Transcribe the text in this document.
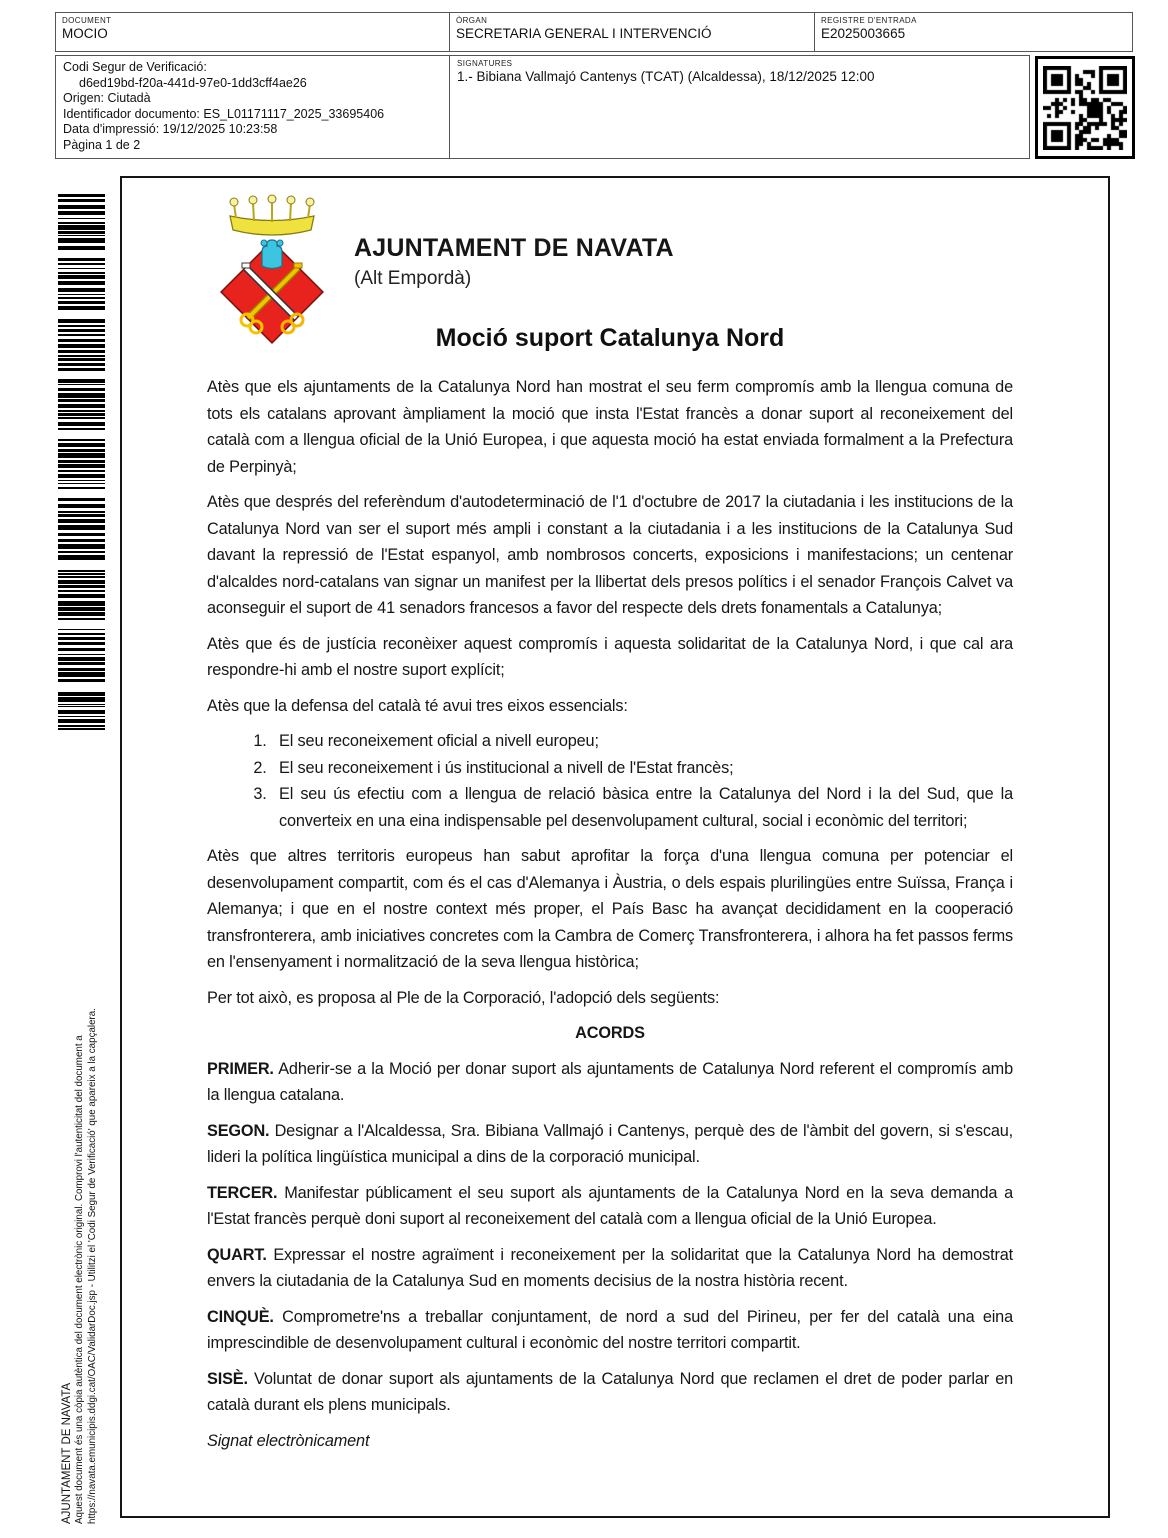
DOCUMENT
MOCIO
ÒRGAN
SECRETARIA GENERAL I INTERVENCIÓ
REGISTRE D'ENTRADA
E2025003665
Codi Segur de Verificació:
d6ed19bd-f20a-441d-97e0-1dd3cff4ae26
Origen: Ciutadà
Identificador documento: ES_L01171117_2025_33695406
Data d'impressió: 19/12/2025 10:23:58
Pàgina 1 de 2
SIGNATURES
1.- Bibiana Vallmajó Cantenys (TCAT) (Alcaldessa), 18/12/2025 12:00
AJUNTAMENT DE NAVATA Aquest document és una còpia autèntica del document electrònic original. Comprovi l'autenticitat del document a https://navata.emunicipis.ddgi.cat/OAC/ValidarDoc.jsp - Utilitzi el 'Codi Segur de Verificació' que apareix a la capçalera.
AJUNTAMENT DE NAVATA
(Alt Empordà)
Moció suport Catalunya Nord

Atès que els ajuntaments de la Catalunya Nord han mostrat el seu ferm compromís amb la llengua comuna de tots els catalans aprovant àmpliament la moció que insta l'Estat francès a donar suport al reconeixement del català com a llengua oficial de la Unió Europea, i que aquesta moció ha estat enviada formalment a la Prefectura de Perpinyà;

Atès que després del referèndum d'autodeterminació de l'1 d'octubre de 2017 la ciutadania i les institucions de la Catalunya Nord van ser el suport més ampli i constant a la ciutadania i a les institucions de la Catalunya Sud davant la repressió de l'Estat espanyol, amb nombrosos concerts, exposicions i manifestacions; un centenar d'alcaldes nord-catalans van signar un manifest per la llibertat dels presos polítics i el senador François Calvet va aconseguir el suport de 41 senadors francesos a favor del respecte dels drets fonamentals a Catalunya;

Atès que és de justícia reconèixer aquest compromís i aquesta solidaritat de la Catalunya Nord, i que cal ara respondre-hi amb el nostre suport explícit;

Atès que la defensa del català té avui tres eixos essencials:

1. El seu reconeixement oficial a nivell europeu;
2. El seu reconeixement i ús institucional a nivell de l'Estat francès;
3. El seu ús efectiu com a llengua de relació bàsica entre la Catalunya del Nord i la del Sud, que la converteix en una eina indispensable pel desenvolupament cultural, social i econòmic del territori;

Atès que altres territoris europeus han sabut aprofitar la força d'una llengua comuna per potenciar el desenvolupament compartit, com és el cas d'Alemanya i Àustria, o dels espais plurilingües entre Suïssa, França i Alemanya; i que en el nostre context més proper, el País Basc ha avançat decididament en la cooperació transfronterera, amb iniciatives concretes com la Cambra de Comerç Transfronterera, i alhora ha fet passos ferms en l'ensenyament i normalització de la seva llengua històrica;

Per tot això, es proposa al Ple de la Corporació, l'adopció dels següents:

ACORDS

PRIMER. Adherir-se a la Moció per donar suport als ajuntaments de Catalunya Nord referent el compromís amb la llengua catalana.

SEGON. Designar a l'Alcaldessa, Sra. Bibiana Vallmajó i Cantenys, perquè des de l'àmbit del govern, si s'escau, lideri la política lingüística municipal a dins de la corporació municipal.

TERCER. Manifestar públicament el seu suport als ajuntaments de la Catalunya Nord en la seva demanda a l'Estat francès perquè doni suport al reconeixement del català com a llengua oficial de la Unió Europea.

QUART. Expressar el nostre agraïment i reconeixement per la solidaritat que la Catalunya Nord ha demostrat envers la ciutadania de la Catalunya Sud en moments decisius de la nostra història recent.

CINQUÈ. Comprometre'ns a treballar conjuntament, de nord a sud del Pirineu, per fer del català una eina imprescindible de desenvolupament cultural i econòmic del nostre territori compartit.

SISÈ. Voluntat de donar suport als ajuntaments de la Catalunya Nord que reclamen el dret de poder parlar en català durant els plens municipals.

Signat electrònicament
